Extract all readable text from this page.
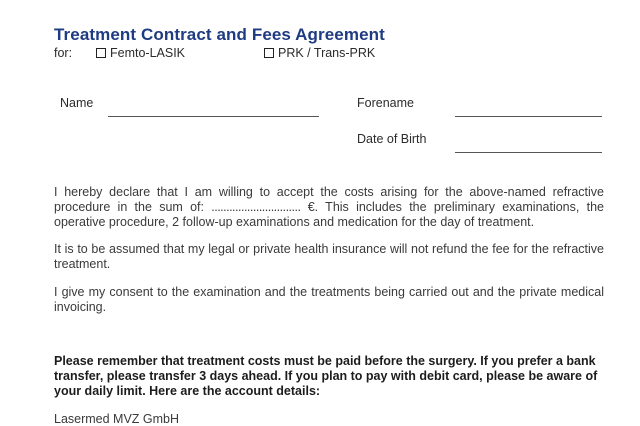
Treatment Contract and Fees Agreement
for:	Femto-LASIK	PRK / Trans-PRK
Name	Forename
Date of Birth
I hereby declare that I am willing to accept the costs arising for the above-named refractive
procedure in the sum of: .............................. €. This includes the preliminary examinations, the
operative procedure, 2 follow-up examinations and medication for the day of treatment.

It is to be assumed that my legal or private health insurance will not refund the fee for the refractive treatment.

I give my consent to the examination and the treatments being carried out and the private medical invoicing.

Please remember that treatment costs must be paid before the surgery. If you prefer a bank transfer, please transfer 3 days ahead. If you plan to pay with debit card, please be aware of your daily limit. Here are the account details:

Lasermed MVZ GmbH
